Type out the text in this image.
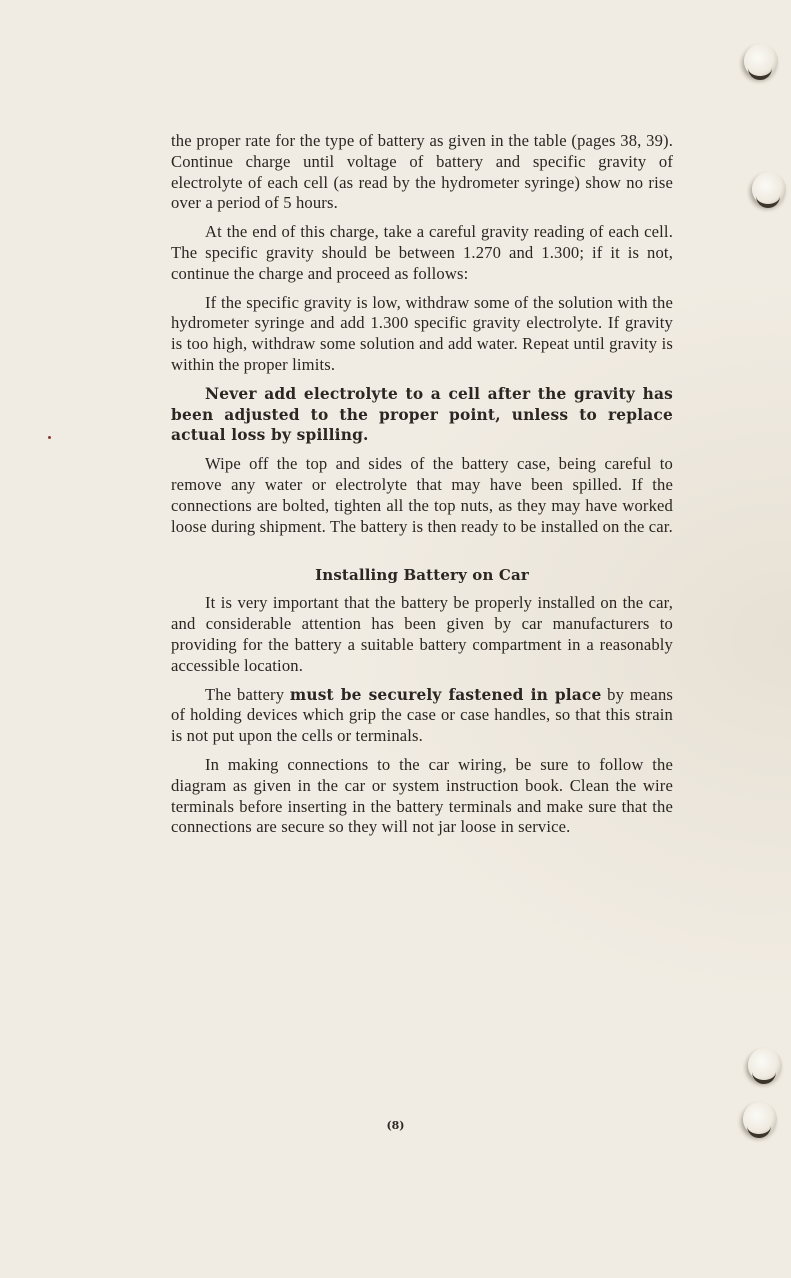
the proper rate for the type of battery as given in the table (pages 38, 39). Continue charge until voltage of battery and specific gravity of electrolyte of each cell (as read by the hydrometer syringe) show no rise over a period of 5 hours.

At the end of this charge, take a careful gravity reading of each cell. The specific gravity should be between 1.270 and 1.300; if it is not, continue the charge and proceed as follows:

If the specific gravity is low, withdraw some of the solution with the hydrometer syringe and add 1.300 specific gravity electrolyte. If gravity is too high, withdraw some solution and add water. Repeat until gravity is within the proper limits.

Never add electrolyte to a cell after the gravity has been adjusted to the proper point, unless to replace actual loss by spilling.

Wipe off the top and sides of the battery case, being careful to remove any water or electrolyte that may have been spilled. If the connections are bolted, tighten all the top nuts, as they may have worked loose during shipment. The battery is then ready to be installed on the car.

Installing Battery on Car

It is very important that the battery be properly installed on the car, and considerable attention has been given by car manufacturers to providing for the battery a suitable battery compartment in a reasonably accessible location.

The battery must be securely fastened in place by means of holding devices which grip the case or case handles, so that this strain is not put upon the cells or terminals.

In making connections to the car wiring, be sure to follow the diagram as given in the car or system instruction book. Clean the wire terminals before inserting in the battery terminals and make sure that the connections are secure so they will not jar loose in service.

(8)
